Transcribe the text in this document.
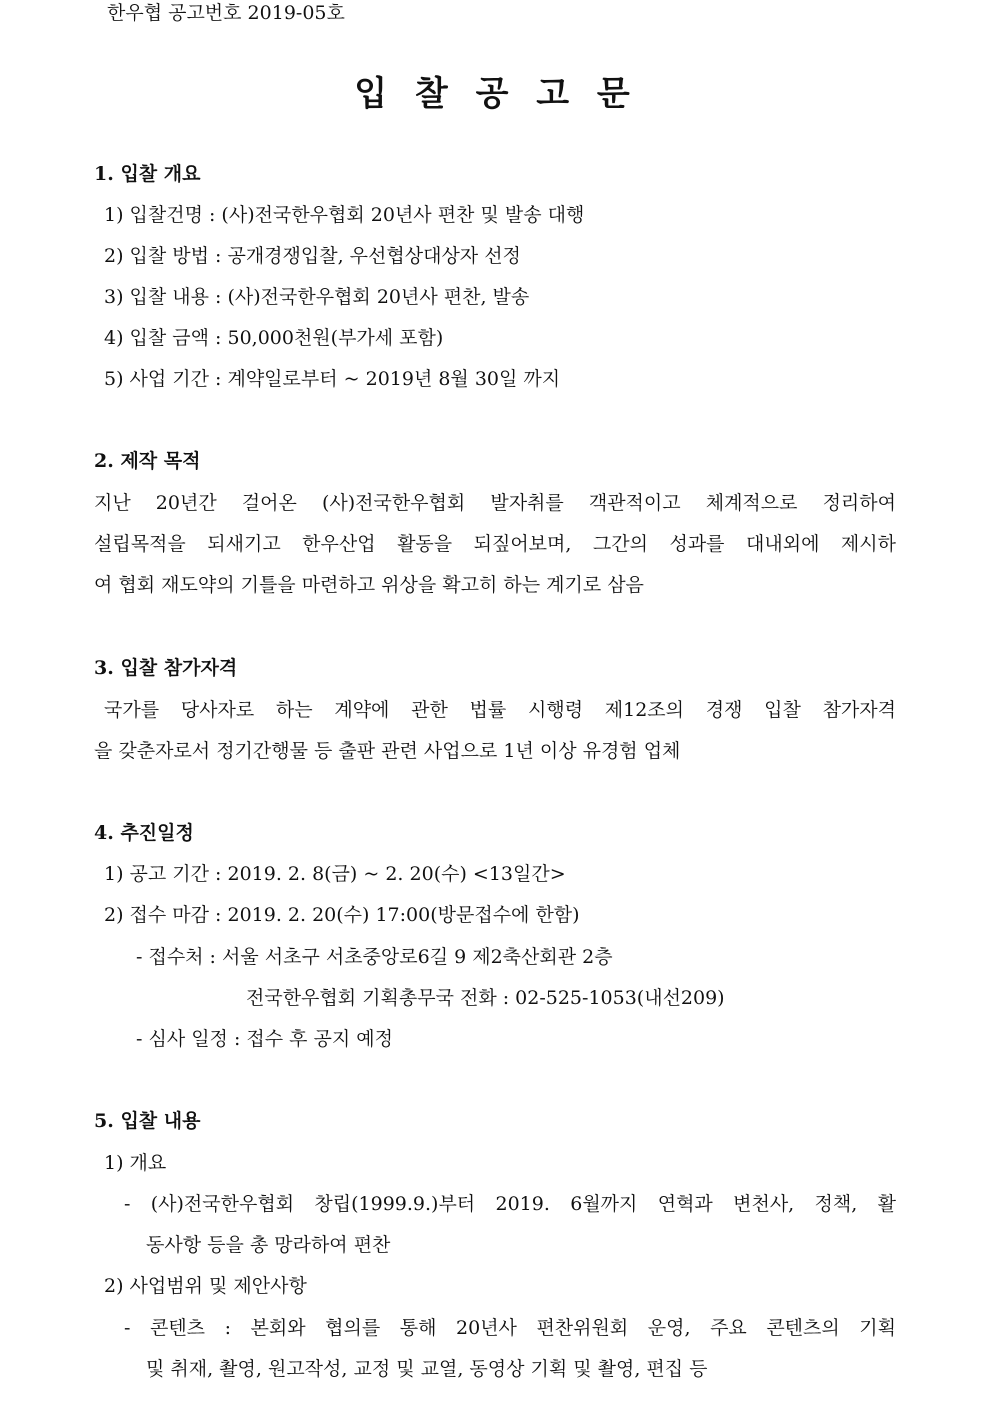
한우협 공고번호 2019-05호
입 찰 공 고 문
1. 입찰 개요
1) 입찰건명 : (사)전국한우협회 20년사 편찬 및 발송 대행
2) 입찰 방법 : 공개경쟁입찰, 우선협상대상자 선정
3) 입찰 내용 : (사)전국한우협회 20년사 편찬, 발송
4) 입찰 금액 : 50,000천원(부가세 포함)
5) 사업 기간 : 계약일로부터 ~ 2019년 8월 30일 까지
2. 제작 목적
지난 20년간 걸어온 (사)전국한우협회 발자취를 객관적이고 체계적으로 정리하여
설립목적을 되새기고 한우산업 활동을 되짚어보며, 그간의 성과를 대내외에 제시하
여 협회 재도약의 기틀을 마련하고 위상을 확고히 하는 계기로 삼음
3. 입찰 참가자격
국가를 당사자로 하는 계약에 관한 법률 시행령 제12조의 경쟁 입찰 참가자격
을 갖춘자로서 정기간행물 등 출판 관련 사업으로 1년 이상 유경험 업체
4. 추진일정
1) 공고 기간 : 2019. 2. 8(금) ~ 2. 20(수) <13일간>
2) 접수 마감 : 2019. 2. 20(수) 17:00(방문접수에 한함)
- 접수처 : 서울 서초구 서초중앙로6길 9 제2축산회관 2층
전국한우협회 기획총무국 전화 : 02-525-1053(내선209)
- 심사 일정 : 접수 후 공지 예정
5. 입찰 내용
1) 개요
- (사)전국한우협회 창립(1999.9.)부터 2019. 6월까지 연혁과 변천사, 정책, 활
동사항 등을 총 망라하여 편찬
2) 사업범위 및 제안사항
- 콘텐츠 : 본회와 협의를 통해 20년사 편찬위원회 운영, 주요 콘텐츠의 기획
및 취재, 촬영, 원고작성, 교정 및 교열, 동영상 기획 및 촬영, 편집 등
